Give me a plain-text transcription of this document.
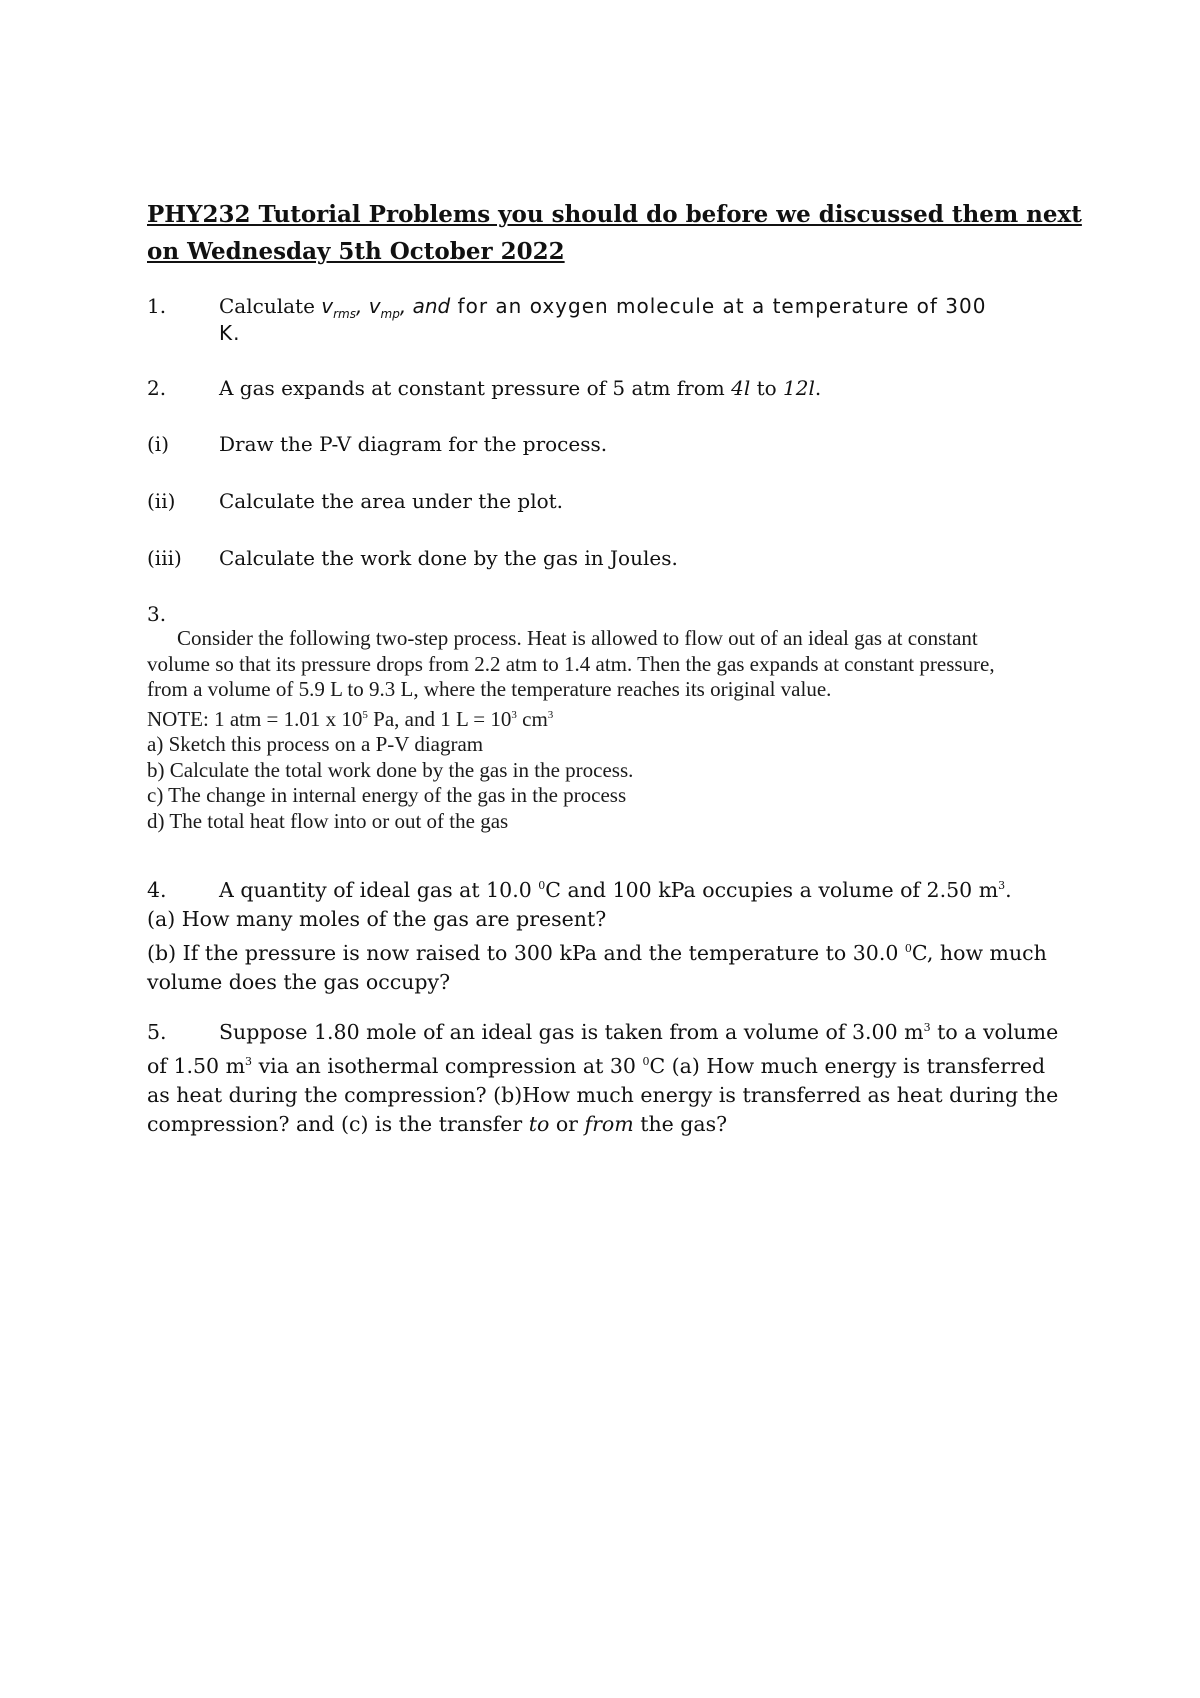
PHY232 Tutorial Problems you should do before we discussed them next
on Wednesday 5th October 2022
1.	Calculate $v_{rms}$, $v_{mp}$, and for an oxygen molecule at a temperature of 300
K.
2.	A gas expands at constant pressure of 5 atm from 4l to 12l.
(i) Draw the P-V diagram for the process.
(ii) Calculate the area under the plot.
(iii) Calculate the work done by the gas in Joules.
3.
Consider the following two-step process. Heat is allowed to flow out of an ideal gas at constant
volume so that its pressure drops from 2.2 atm to 1.4 atm. Then the gas expands at constant pressure,
from a volume of 5.9 L to 9.3 L, where the temperature reaches its original value.
NOTE: 1 atm = 1.01 x $10^5$ Pa, and 1 $L = 10^3$ $cm^3$
a) Sketch this process on a P-V diagram
b) Calculate the total work done by the gas in the process.
c) The change in internal energy of the gas in the process
d) The total heat flow into or out of the gas
4.	A quantity of ideal gas at 10.0 $^0$C and 100 kPa occupies a volume of 2.50 $m^3$.
(a) How many moles of the gas are present?
(b) If the pressure is now raised to 300 kPa and the temperature to 30.0 $^0$C, how much
volume does the gas occupy?
5.	Suppose 1.80 mole of an ideal gas is taken from a volume of 3.00 $m^3$ to a volume
of 1.50 $m^3$ via an isothermal compression at 30 $^0$C (a) How much energy is transferred
as heat during the compression? (b)How much energy is transferred as heat during the
compression? and (c) is the transfer to or from the gas?
